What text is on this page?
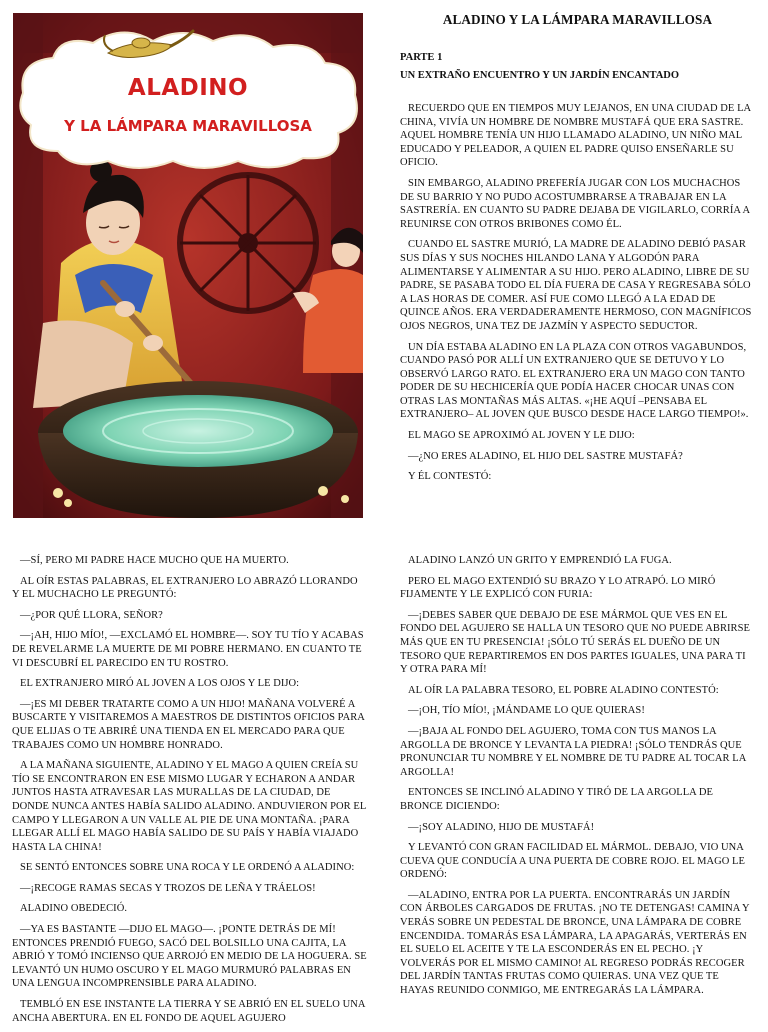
ALADINO
Y LA LÁMPARA MARAVILLOSA
ALADINO Y LA LÁMPARA MARAVILLOSA
PARTE 1
UN EXTRAÑO ENCUENTRO Y UN JARDÍN ENCANTADO

RECUERDO QUE EN TIEMPOS MUY LEJANOS, EN UNA CIUDAD DE LA CHINA, VIVÍA UN HOMBRE DE NOMBRE MUSTAFÁ QUE ERA SASTRE. AQUEL HOMBRE TENÍA UN HIJO LLAMADO ALADINO, UN NIÑO MAL EDUCADO Y PELEADOR, A QUIEN EL PADRE QUISO ENSEÑARLE SU OFICIO.

SIN EMBARGO, ALADINO PREFERÍA JUGAR CON LOS MUCHACHOS DE SU BARRIO Y NO PUDO ACOSTUMBRARSE A TRABAJAR EN LA SASTRERÍA. EN CUANTO SU PADRE DEJABA DE VIGILARLO, CORRÍA A REUNIRSE CON OTROS BRIBONES COMO ÉL.

CUANDO EL SASTRE MURIÓ, LA MADRE DE ALADINO DEBIÓ PASAR SUS DÍAS Y SUS NOCHES HILANDO LANA Y ALGODÓN PARA ALIMENTARSE Y ALIMENTAR A SU HIJO. PERO ALADINO, LIBRE DE SU PADRE, SE PASABA TODO EL DÍA FUERA DE CASA Y REGRESABA SÓLO A LAS HORAS DE COMER. ASÍ FUE COMO LLEGÓ A LA EDAD DE QUINCE AÑOS. ERA VERDADERAMENTE HERMOSO, CON MAGNÍFICOS OJOS NEGROS, UNA TEZ DE JAZMÍN Y ASPECTO SEDUCTOR.

UN DÍA ESTABA ALADINO EN LA PLAZA CON OTROS VAGABUNDOS, CUANDO PASÓ POR ALLÍ UN EXTRANJERO QUE SE DETUVO Y LO OBSERVÓ LARGO RATO. EL EXTRANJERO ERA UN MAGO CON TANTO PODER DE SU HECHICERÍA QUE PODÍA HACER CHOCAR UNAS CON OTRAS LAS MONTAÑAS MÁS ALTAS. «¡HE AQUÍ –PENSABA EL EXTRANJERO– AL JOVEN QUE BUSCO DESDE HACE LARGO TIEMPO!».

EL MAGO SE APROXIMÓ AL JOVEN Y LE DIJO:

—¿NO ERES ALADINO, EL HIJO DEL SASTRE MUSTAFÁ?

Y ÉL CONTESTÓ:

—SÍ, PERO MI PADRE HACE MUCHO QUE HA MUERTO.

AL OÍR ESTAS PALABRAS, EL EXTRANJERO LO ABRAZÓ LLORANDO Y EL MUCHACHO LE PREGUNTÓ:

—¿POR QUÉ LLORA, SEÑOR?

—¡AH, HIJO MÍO!, —EXCLAMÓ EL HOMBRE—. SOY TU TÍO Y ACABAS DE REVELARME LA MUERTE DE MI POBRE HERMANO. EN CUANTO TE VI DESCUBRÍ EL PARECIDO EN TU ROSTRO.

EL EXTRANJERO MIRÓ AL JOVEN A LOS OJOS Y LE DIJO:

—¡ES MI DEBER TRATARTE COMO A UN HIJO! MAÑANA VOLVERÉ A BUSCARTE Y VISITAREMOS A MAESTROS DE DISTINTOS OFICIOS PARA QUE ELIJAS O TE ABRIRÉ UNA TIENDA EN EL MERCADO PARA QUE TRABAJES COMO UN HOMBRE HONRADO.

A LA MAÑANA SIGUIENTE, ALADINO Y EL MAGO A QUIEN CREÍA SU TÍO SE ENCONTRARON EN ESE MISMO LUGAR Y ECHARON A ANDAR JUNTOS HASTA ATRAVESAR LAS MURALLAS DE LA CIUDAD, DE DONDE NUNCA ANTES HABÍA SALIDO ALADINO. ANDUVIERON POR EL CAMPO Y LLEGARON A UN VALLE AL PIE DE UNA MONTAÑA. ¡PARA LLEGAR ALLÍ EL MAGO HABÍA SALIDO DE SU PAÍS Y HABÍA VIAJADO HASTA LA CHINA!

SE SENTÓ ENTONCES SOBRE UNA ROCA Y LE ORDENÓ A ALADINO:

—¡RECOGE RAMAS SECAS Y TROZOS DE LEÑA Y TRÁELOS!

ALADINO OBEDECIÓ.

—YA ES BASTANTE —DIJO EL MAGO—. ¡PONTE DETRÁS DE MÍ! ENTONCES PRENDIÓ FUEGO, SACÓ DEL BOLSILLO UNA CAJITA, LA ABRIÓ Y TOMÓ INCIENSO QUE ARROJÓ EN MEDIO DE LA HOGUERA. SE LEVANTÓ UN HUMO OSCURO Y EL MAGO MURMURÓ PALABRAS EN UNA LENGUA INCOMPRENSIBLE PARA ALADINO.

TEMBLÓ EN ESE INSTANTE LA TIERRA Y SE ABRIÓ EN EL SUELO UNA ANCHA ABERTURA. EN EL FONDO DE AQUEL AGUJERO

ALADINO LANZÓ UN GRITO Y EMPRENDIÓ LA FUGA.

PERO EL MAGO EXTENDIÓ SU BRAZO Y LO ATRAPÓ. LO MIRÓ FIJAMENTE Y LE EXPLICÓ CON FURIA:

—¡DEBES SABER QUE DEBAJO DE ESE MÁRMOL QUE VES EN EL FONDO DEL AGUJERO SE HALLA UN TESORO QUE NO PUEDE ABRIRSE MÁS QUE EN TU PRESENCIA! ¡SÓLO TÚ SERÁS EL DUEÑO DE UN TESORO QUE REPARTIREMOS EN DOS PARTES IGUALES, UNA PARA TI Y OTRA PARA MÍ!

AL OÍR LA PALABRA TESORO, EL POBRE ALADINO CONTESTÓ:

—¡OH, TÍO MÍO!, ¡MÁNDAME LO QUE QUIERAS!

—¡BAJA AL FONDO DEL AGUJERO, TOMA CON TUS MANOS LA ARGOLLA DE BRONCE Y LEVANTA LA PIEDRA! ¡SÓLO TENDRÁS QUE PRONUNCIAR TU NOMBRE Y EL NOMBRE DE TU PADRE AL TOCAR LA ARGOLLA!

ENTONCES SE INCLINÓ ALADINO Y TIRÓ DE LA ARGOLLA DE BRONCE DICIENDO:

—¡SOY ALADINO, HIJO DE MUSTAFÁ!

Y LEVANTÓ CON GRAN FACILIDAD EL MÁRMOL. DEBAJO, VIO UNA CUEVA QUE CONDUCÍA A UNA PUERTA DE COBRE ROJO. EL MAGO LE ORDENÓ:

—ALADINO, ENTRA POR LA PUERTA. ENCONTRARÁS UN JARDÍN CON ÁRBOLES CARGADOS DE FRUTAS. ¡NO TE DETENGAS! CAMINA Y VERÁS SOBRE UN PEDESTAL DE BRONCE, UNA LÁMPARA DE COBRE ENCENDIDA. TOMARÁS ESA LÁMPARA, LA APAGARÁS, VERTERÁS EN EL SUELO EL ACEITE Y TE LA ESCONDERÁS EN EL PECHO. ¡Y VOLVERÁS POR EL MISMO CAMINO! AL REGRESO PODRÁS RECOGER DEL JARDÍN TANTAS FRUTAS COMO QUIERAS. UNA VEZ QUE TE HAYAS REUNIDO CONMIGO, ME ENTREGARÁS LA LÁMPARA.
